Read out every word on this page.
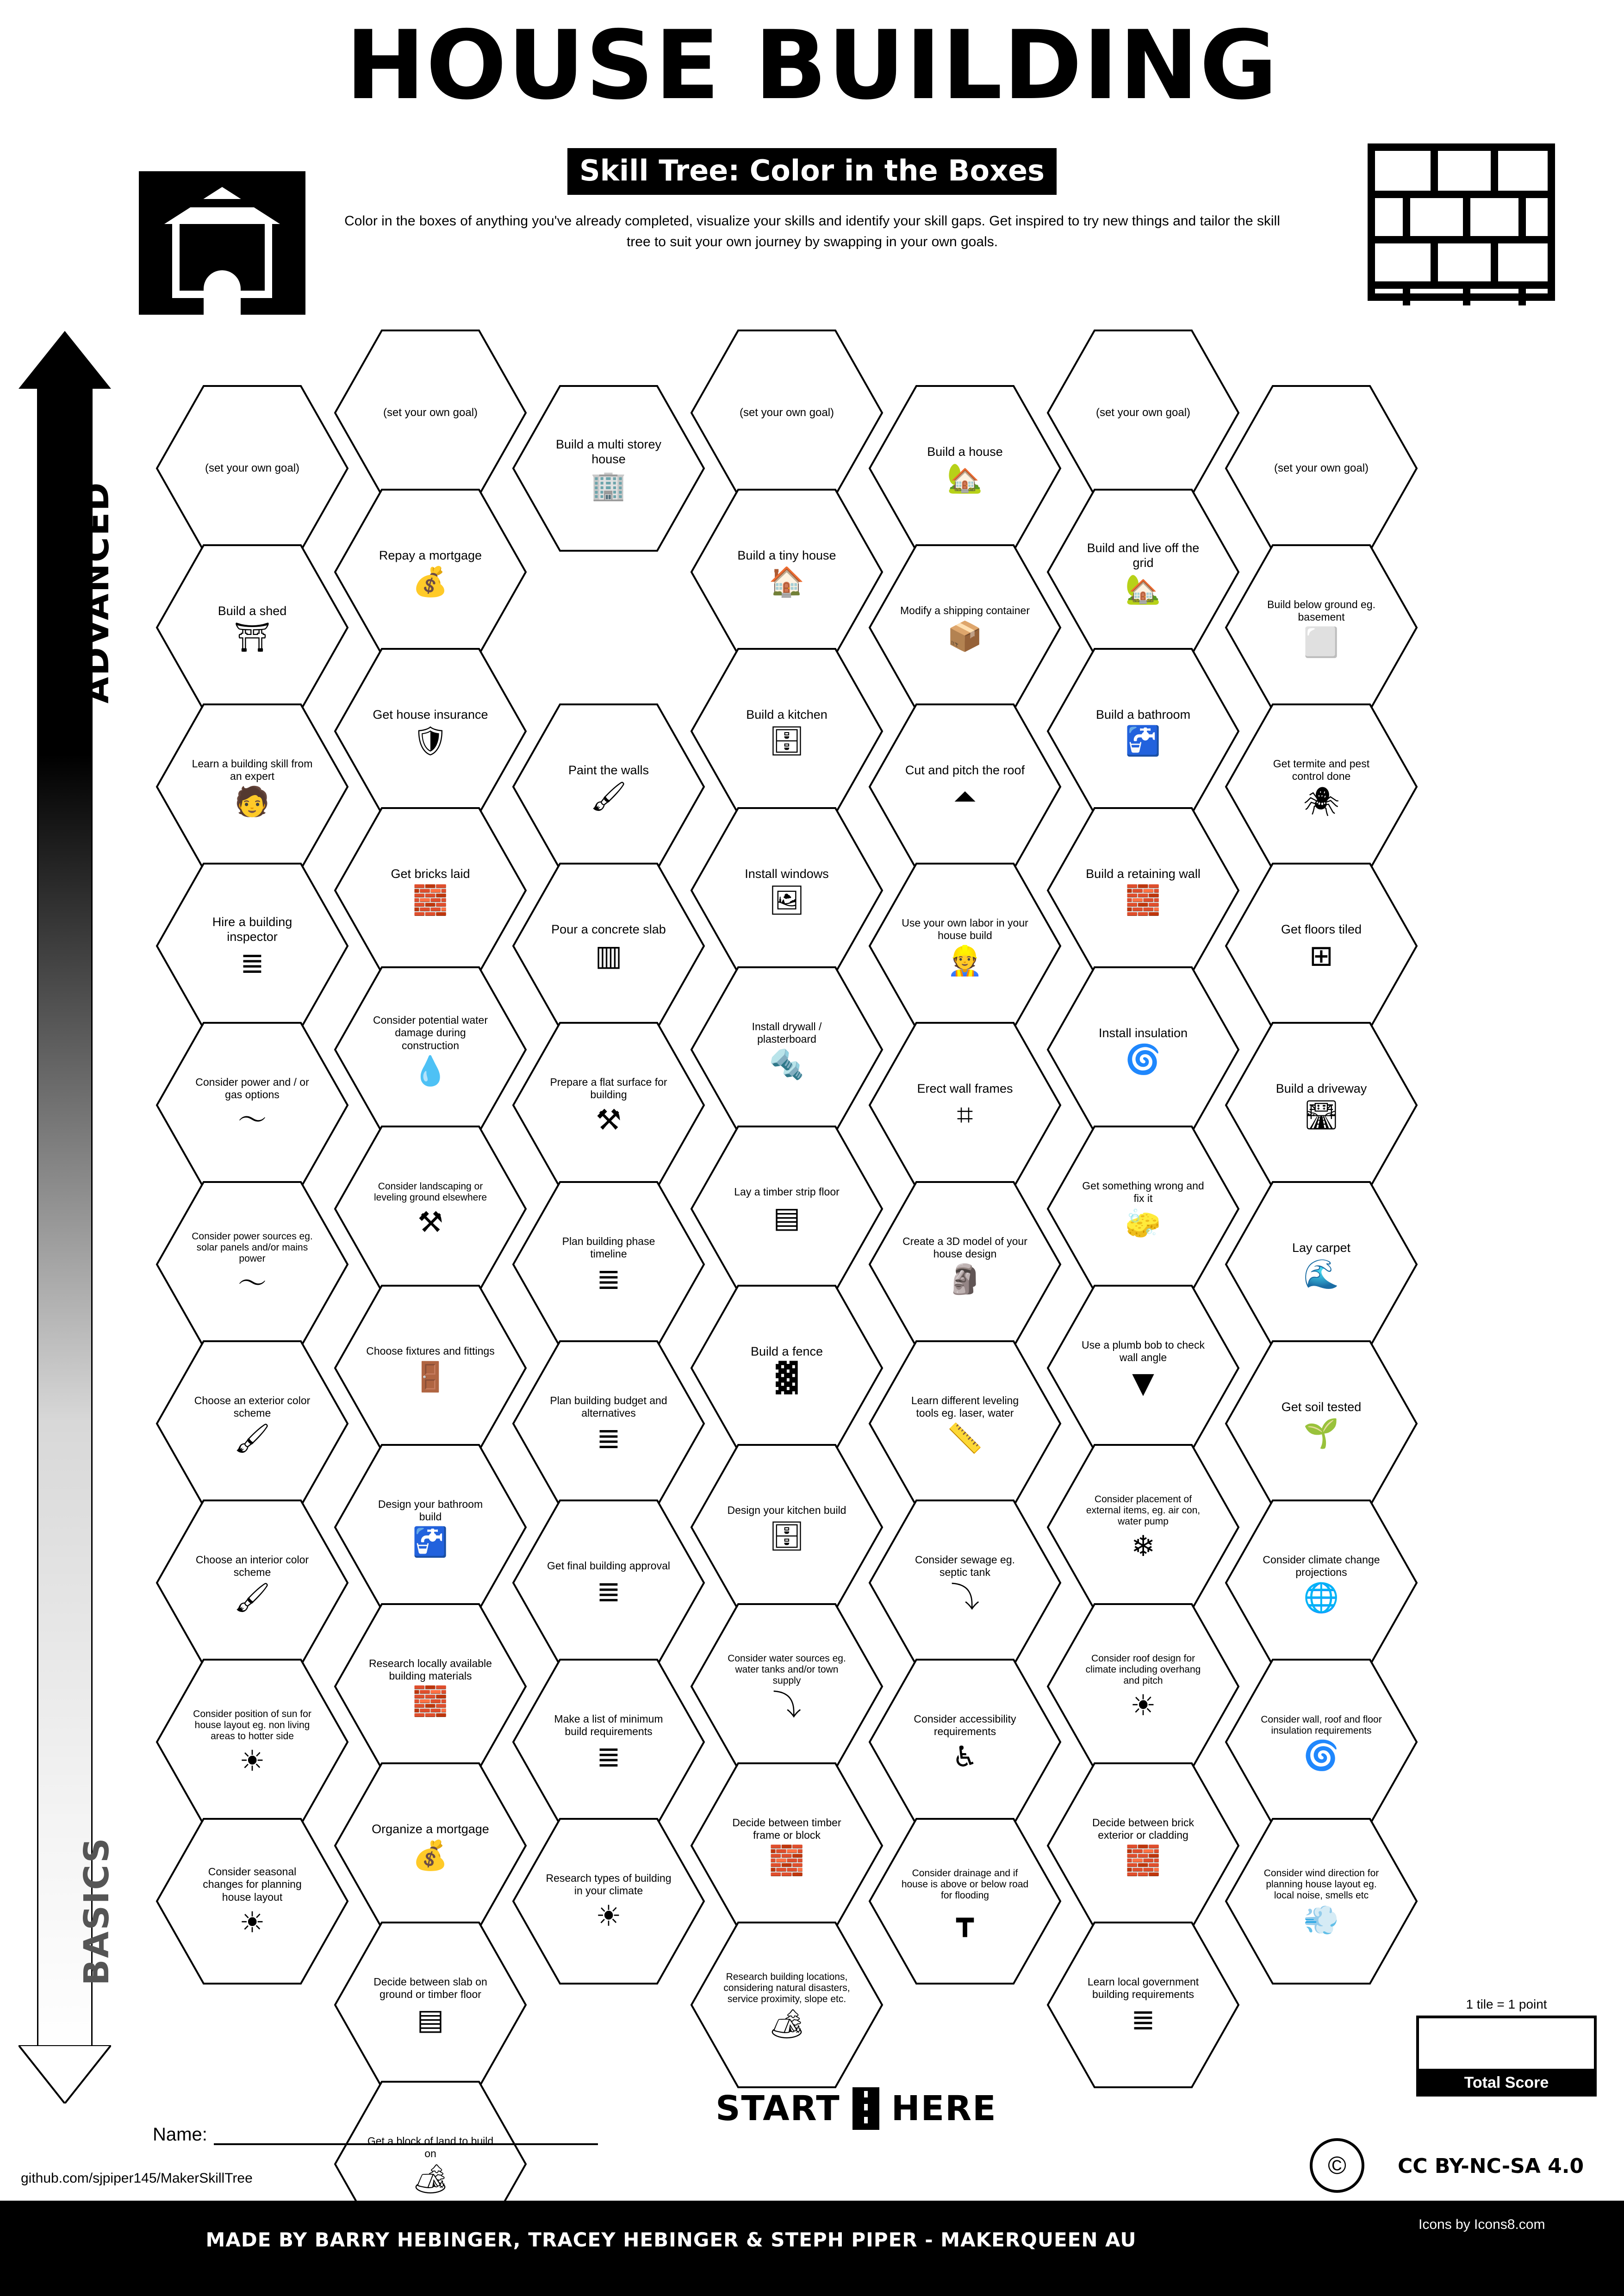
HOUSE BUILDING
Skill Tree: Color in the Boxes
Color in the boxes of anything you've already completed, visualize your skills and identify your skill gaps. Get inspired to try new things and tailor the skill tree to suit your own journey by swapping in your own goals.
ADVANCED
BASICS
(set your own goal)
Build a shed
⛩
Learn a building skill from an expert
🧑
Hire a building inspector
≣
Consider power and / or gas options
〜
Consider power sources eg. solar panels and/or mains power
〜
Choose an exterior color scheme
🖌
Choose an interior color scheme
🖌
Consider position of sun for house layout eg. non living areas to hotter side
☀
Consider seasonal changes for planning house layout
☀
(set your own goal)
Repay a mortgage
💰
Get house insurance
🛡
Get bricks laid
🧱
Consider potential water damage during construction
💧
Consider landscaping or leveling ground elsewhere
⚒
Choose fixtures and fittings
🚪
Design your bathroom build
🚰
Research locally available building materials
🧱
Organize a mortgage
💰
Decide between slab on ground or timber floor
▤
Get a block of land to build on
🏕
Build a multi storey house
🏢
Paint the walls
🖌
Pour a concrete slab
▥
Prepare a flat surface for building
⚒
Plan building phase timeline
≣
Plan building budget and alternatives
≣
Get final building approval
≣
Make a list of minimum build requirements
≣
Research types of building in your climate
☀
(set your own goal)
Build a tiny house
🏠
Build a kitchen
🗄
Install windows
🖼
Install drywall / plasterboard
🔩
Lay a timber strip floor
▤
Build a fence
▓
Design your kitchen build
🗄
Consider water sources eg. water tanks and/or town supply
⤵
Decide between timber frame or block
🧱
Research building locations, considering natural disasters, service proximity, slope etc.
🏕
Build a house
🏡
Modify a shipping container
📦
Cut and pitch the roof
⏶
Use your own labor in your house build
👷
Erect wall frames
⌗
Create a 3D model of your house design
🗿
Learn different leveling tools eg. laser, water
📏
Consider sewage eg. septic tank
⤵
Consider accessibility requirements
♿
Consider drainage and if house is above or below road for flooding
┳
(set your own goal)
Build and live off the grid
🏡
Build a bathroom
🚰
Build a retaining wall
🧱
Install insulation
🌀
Get something wrong and fix it
🧽
Use a plumb bob to check wall angle
▼
Consider placement of external items, eg. air con, water pump
❄
Consider roof design for climate including overhang and pitch
☀
Decide between brick exterior or cladding
🧱
Learn local government building requirements
≣
(set your own goal)
Build below ground eg. basement
⬜
Get termite and pest control done
🕷
Get floors tiled
⊞
Build a driveway
🛣
Lay carpet
🌊
Get soil tested
🌱
Consider climate change projections
🌐
Consider wall, roof and floor insulation requirements
🌀
Consider wind direction for planning house layout eg. local noise, smells etc
💨
START HERE
1 tile = 1 point
Total Score
Name:
github.com/sjpiper145/MakerSkillTree	©	CC BY-NC-SA 4.0
MADE BY BARRY HEBINGER, TRACEY HEBINGER & STEPH PIPER - MAKERQUEEN AU
Icons by Icons8.com
